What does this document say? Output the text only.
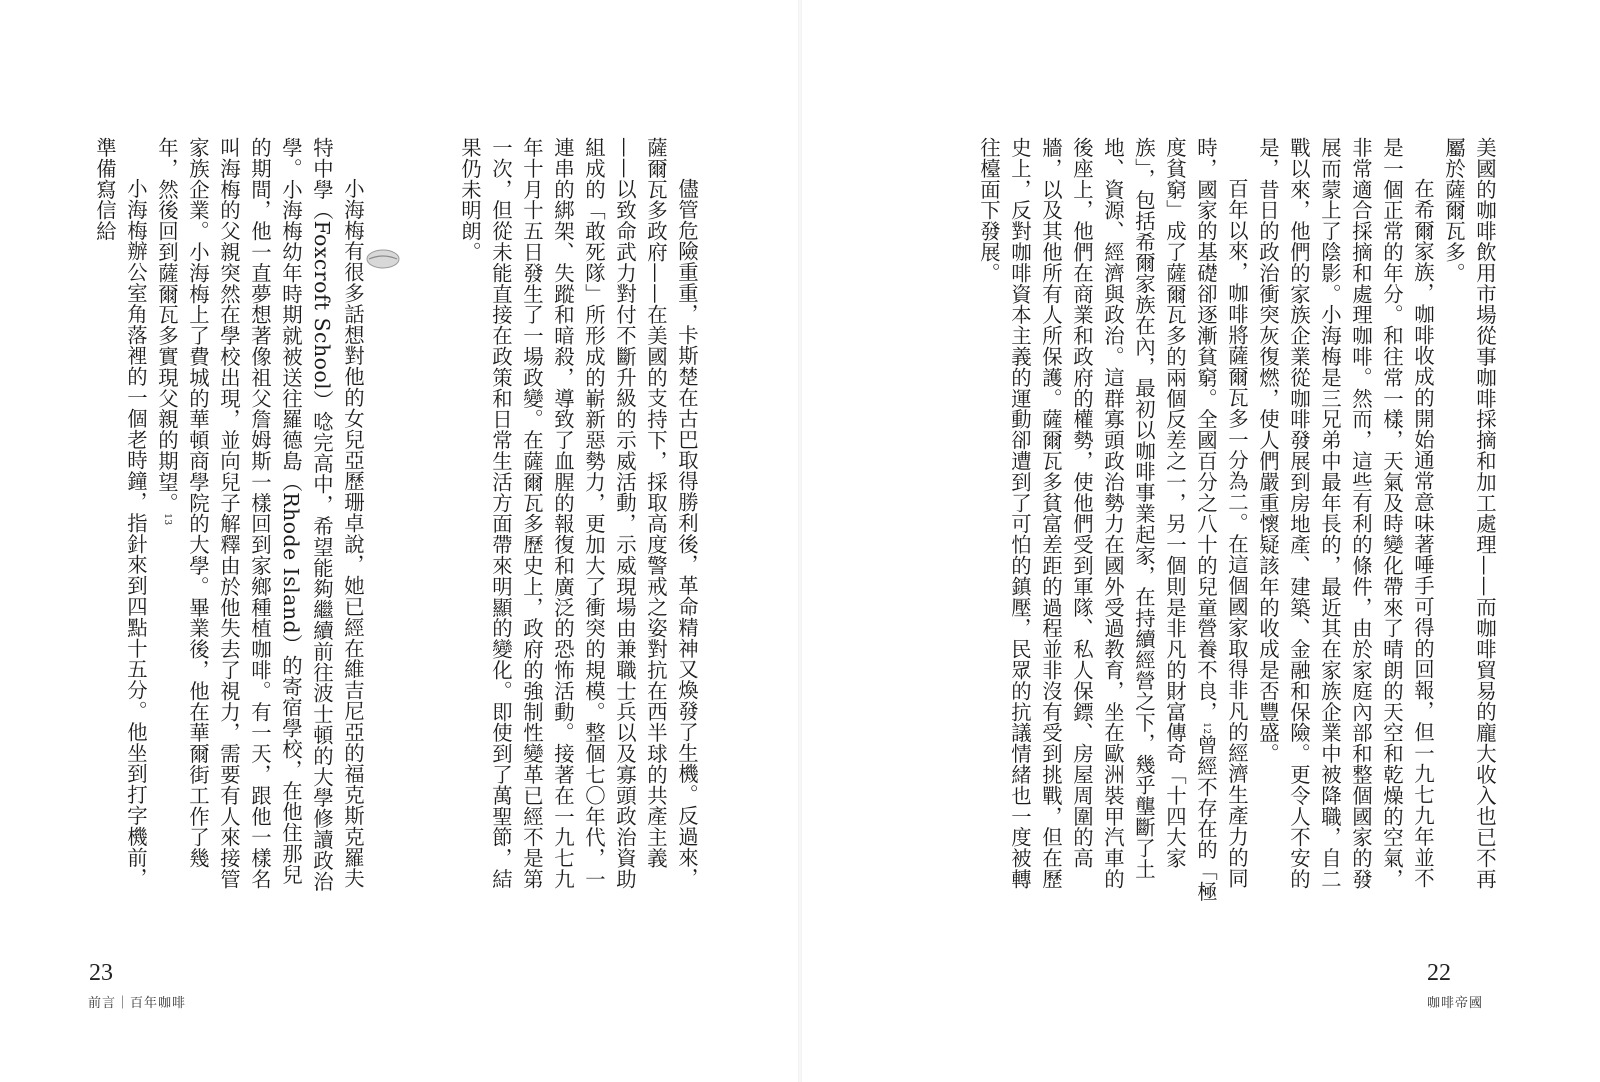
美國的咖啡飲用市場從事咖啡採摘和加工處理——而咖啡貿易的龐大收入也已不再屬於薩爾瓦多。
在希爾家族，咖啡收成的開始通常意味著唾手可得的回報，但一九七九年並不是一個正常的年分。和往常一樣，天氣及時變化帶來了晴朗的天空和乾燥的空氣，非常適合採摘和處理咖啡。然而，這些有利的條件，由於家庭內部和整個國家的發展而蒙上了陰影。小海梅是三兄弟中最年長的，最近其在家族企業中被降職，自二戰以來，他們的家族企業從咖啡發展到房地產、建築、金融和保險。更令人不安的是，昔日的政治衝突灰復燃，使人們嚴重懷疑該年的收成是否豐盛。
百年以來，咖啡將薩爾瓦多一分為二。在這個國家取得非凡的經濟生產力的同時，國家的基礎卻逐漸貧窮。全國百分之八十的兒童營養不良，12曾經不存在的「極度貧窮」成了薩爾瓦多的兩個反差之一，另一個則是非凡的財富傳奇「十四大家族」，包括希爾家族在內，最初以咖啡事業起家，在持續經營之下，幾乎壟斷了土地、資源、經濟與政治。這群寡頭政治勢力在國外受過教育，坐在歐洲裝甲汽車的後座上，他們在商業和政府的權勢，使他們受到軍隊、私人保鏢、房屋周圍的高牆，以及其他所有人所保護。薩爾瓦多貧富差距的過程並非沒有受到挑戰，但在歷史上，反對咖啡資本主義的運動卻遭到了可怕的鎮壓，民眾的抗議情緒也一度被轉往檯面下發展。
儘管危險重重，卡斯楚在古巴取得勝利後，革命精神又煥發了生機。反過來，薩爾瓦多政府——在美國的支持下，採取高度警戒之姿對抗在西半球的共產主義——以致命武力對付不斷升級的示威活動，示威現場由兼職士兵以及寡頭政治資助組成的「敢死隊」所形成的嶄新惡勢力，更加大了衝突的規模。整個七〇年代，一連串的綁架、失蹤和暗殺，導致了血腥的報復和廣泛的恐怖活動。接著在一九七九年十月十五日發生了一場政變。在薩爾瓦多歷史上，政府的強制性變革已經不是第一次，但從未能直接在政策和日常生活方面帶來明顯的變化。即使到了萬聖節，結果仍未明朗。
小海梅有很多話想對他的女兒亞歷珊卓說，她已經在維吉尼亞的福克斯克羅夫特中學（Foxcroft School）唸完高中，希望能夠繼續前往波士頓的大學修讀政治學。小海梅幼年時期就被送往羅德島（Rhode Island）的寄宿學校，在他住那兒的期間，他一直夢想著像祖父詹姆斯一樣回到家鄉種植咖啡。有一天，跟他一樣名叫海梅的父親突然在學校出現，並向兒子解釋由於他失去了視力，需要有人來接管家族企業。小海梅上了費城的華頓商學院的大學。畢業後，他在華爾街工作了幾年，然後回到薩爾瓦多實現父親的期望。13
小海梅辦公室角落裡的一個老時鐘，指針來到四點十五分。他坐到打字機前，準備寫信給
23
前言｜百年咖啡
22
咖啡帝國
